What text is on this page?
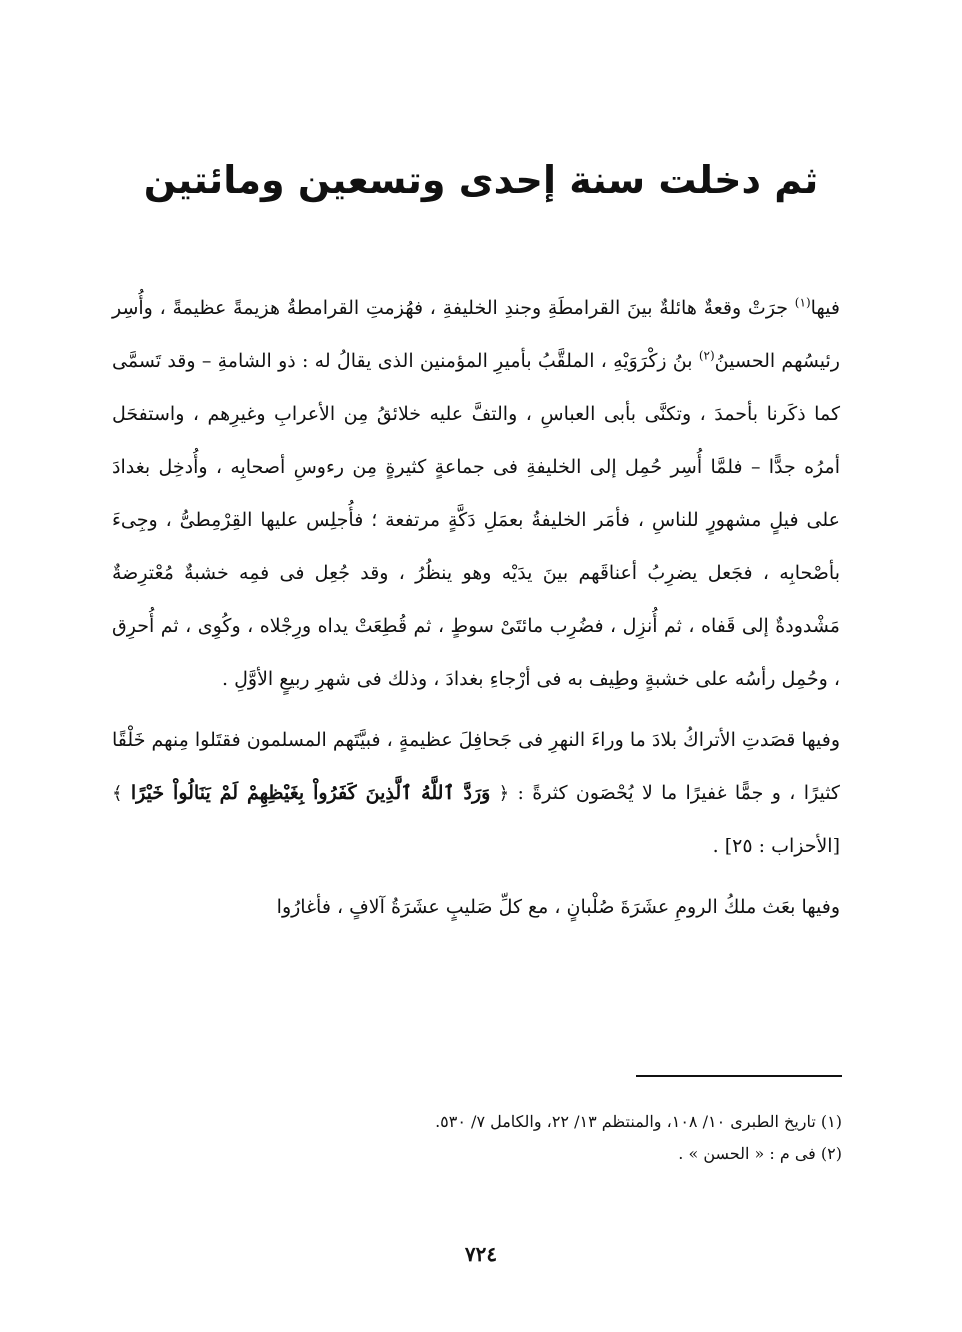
ثم دخلت سنة إحدى وتسعين ومائتين

فيها$^{(١)}$ جرَتْ وقعةٌ هائلةٌ بينَ القرامطَةِ وجندِ الخليفةِ ، فهُزمتِ القرامطةُ هزيمةً عظيمةً ، وأُسِر رئيسُهم الحسينُ$^{(٢)}$ بنُ زكْرَوَيْهِ ، الملقَّبُ بأميرِ المؤمنين الذى يقالُ له : ذو الشامةِ – وقد تَسمَّى كما ذكَرنا بأحمدَ ، وتكنَّى بأبى العباسِ ، والتفَّ عليه خلائقُ مِن الأعرابِ وغيرِهم ، واستفحَل أمرُه جدًّا – فلمَّا أُسِر حُمِل إلى الخليفةِ فى جماعةٍ كثيرةٍ مِن رءوسِ أصحابِه ، وأُدخِل بغدادَ على فيلٍ مشهورٍ للناسِ ، فأمَر الخليفةُ بعمَلِ دَكَّةٍ مرتفعة ؛ فأُجلِس عليها القِرْمِطىُّ ، وجِىءَ بأصْحابِه ، فجَعل يضرِبُ أعناقَهم بينَ يدَيْه وهو ينظُرُ ، وقد جُعِل فى فمِه خشبةٌ مُعْترِضةٌ مَشْدودةٌ إلى قَفاه ، ثم أُنزِل ، فضُرِب مائتَىْ سوطٍ ، ثم قُطِعَتْ يداه ورِجْلاه ، وكُوِى ، ثم أُحرِق ، وحُمِل رأسُه على خشبةٍ وطِيف به فى أرْجاءِ بغدادَ ، وذلك فى شهرِ ربيعٍ الأوَّلِ .

وفيها قصَدتِ الأتراكُ بلادَ ما وراءَ النهرِ فى جَحافِلَ عظيمةٍ ، فبيَّتَهم المسلمون فقتَلوا مِنهم خَلْقًا كثيرًا ، و جمًّا غفيرًا ما لا يُحْصَون كثرةً : ﴿ وَرَدَّ ٱللَّهُ ٱلَّذِينَ كَفَرُواْ بِغَيْظِهِمْ لَمْ يَنَالُواْ خَيْرًا ﴾ [الأحزاب : ٢٥] .

وفيها بعَث ملكُ الرومِ عشَرَةَ صُلْبانٍ ، مع كلِّ صَليبٍ عشَرَةُ آلافٍ ، فأغارُوا

(١) تاريخ الطبرى ١٠/ ١٠٨، والمنتظم ١٣/ ٢٢، والكامل ٧/ ٥٣٠.

(٢) فى م : « الحسن » .

٧٢٤
